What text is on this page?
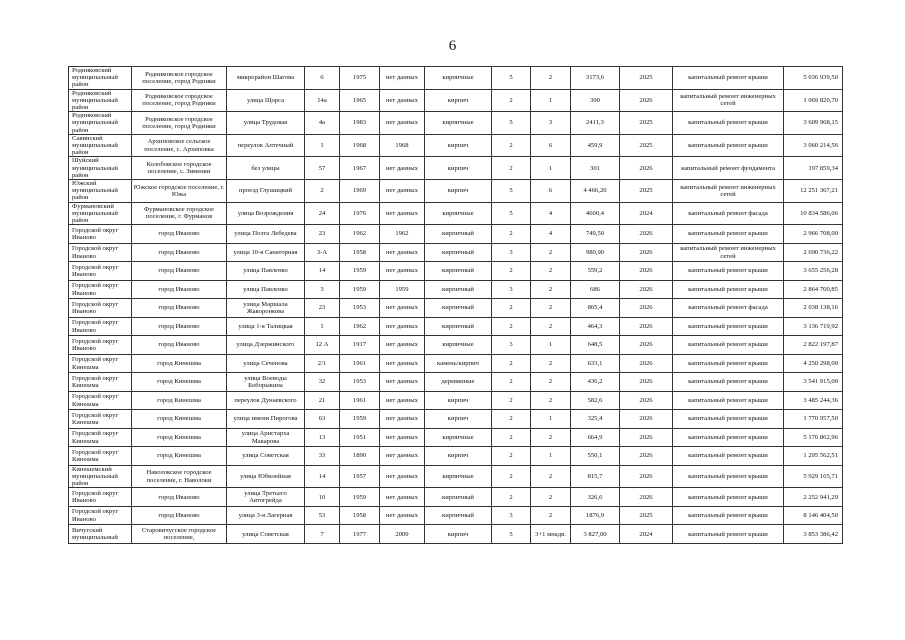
6
Родниковский муниципальный район	Родниковское городское поселение, город Родники	микрорайон Шагова	6	1975	нет данных	кирпичные	5	2	3173,6	2025	капитальный ремонт крыши	5 036 939,50
Родниковский муниципальный район	Родниковское городское поселение, город Родники	улица Щорса	14а	1965	нет данных	кирпич	2	1	390	2026	капитальный ремонт инженерных сетей	1 069 820,70
Родниковский муниципальный район	Родниковское городское поселение, город Родники	улица Трудовая	4а	1983	нет данных	кирпичные	5	3	2411,3	2025	капитальный ремонт крыши	3 609 968,15
Савинский муниципальный район	Архиповское сельское поселение, с. Архиповка	переулок Аптечный	1	1968	1968	кирпич	2	6	459,9	2025	капитальный ремонт крыши	3 060 214,56
Шуйский муниципальный район	Колобовское городское поселение, с. Зименки	без улицы	57	1967	нет данных	кирпич	2	1	301	2026	капитальный ремонт фундамента	197 859,34
Южский муниципальный район	Южское городское поселение, г. Южа	проезд Глушицкий	2	1969	нет данных	кирпич	5	6	4 466,20	2025	капитальный ремонт инженерных сетей	12 251 367,21
Фурмановский муниципальный район	Фурмановское городское поселение, г. Фурманов	улица Возрождения	24	1976	нет данных	кирпичные	5	4	4600,4	2024	капитальный ремонт фасада	10 834 586,06
Городской округ Иваново	город Иваново	улица Поэта Лебедева	23	1962	1962	кирпичный	2	4	749,50	2026	капитальный ремонт крыши	2 966 708,00
Городской округ Иваново	город Иваново	улица 10-я Санаторная	3-А	1958	нет данных	кирпичный	3	2	980,90	2026	капитальный ремонт инженерных сетей	2 690 736,22
Городской округ Иваново	город Иваново	улица Павленко	14	1959	нет данных	кирпичный	2	2	559,2	2026	капитальный ремонт крыши	3 655 256,28
Городской округ Иваново	город Иваново	улица Павленко	3	1959	1959	кирпичный	3	2	686	2026	капитальный ремонт крыши	2 864 700,85
Городской округ Иваново	город Иваново	улица Маршала Жаворонкова	23	1953	нет данных	кирпичный	2	2	865,4	2026	капитальный ремонт фасада	2 038 138,16
Городской округ Иваново	город Иваново	улица 1-я Талицкая	1	1962	нет данных	кирпичный	2	2	464,3	2026	капитальный ремонт крыши	3 136 719,92
Городской округ Иваново	город Иваново	улица Дзержинского	12 А	1917	нет данных	кирпичные	3	1	648,5	2026	капитальный ремонт крыши	2 822 197,87
Городской округ Кинешма	город Кинешма	улица Сеченова	2/1	1961	нет данных	камень/кирпич	2	2	633,1	2026	капитальный ремонт крыши	4 250 298,00
Городской округ Кинешма	город Кинешма	улица Воеводы Боборыкина	32	1953	нет данных	деревянные	2	2	436,2	2026	капитальный ремонт крыши	3 541 915,00
Городской округ Кинешма	город Кинешма	переулок Дунаевского	21	1961	нет данных	кирпич	2	2	582,6	2026	капитальный ремонт крыши	3 485 244,36
Городской округ Кинешма	город Кинешма	улица имени Пирогова	63	1959	нет данных	кирпич	2	1	325,4	2026	капитальный ремонт крыши	1 770 957,50
Городской округ Кинешма	город Кинешма	улица Аристарха Макарова	13	1951	нет данных	кирпичные	2	2	664,9	2026	капитальный ремонт крыши	5 176 862,96
Городской округ Кинешма	город Кинешма	улица Советская	33	1890	нет данных	кирпич	2	1	550,1	2026	капитальный ремонт крыши	1 295 562,51
Кинешемский муниципальный район	Наволокское городское поселение, г. Наволоки	улица Юбилейная	14	1957	нет данных	кирпичные	2	2	815,7	2026	капитальный ремонт крыши	5 929 165,71
Городской округ Иваново	город Иваново	улица Третьего Автогрейда	10	1959	нет данных	кирпичный	2	2	326,6	2026	капитальный ремонт крыши	2 252 941,29
Городской округ Иваново	город Иваново	улица 3-я Лагерная	53	1958	нет данных	кирпичный	3	2	1876,9	2025	капитальный ремонт крыши	8 146 404,50
Вичугский муниципальный	Старовичугское городское поселение,	улица Советская	7	1977	2009	кирпич	5	3+1 мнадв.	3 827,00	2024	капитальный ремонт крыши	3 853 386,42
